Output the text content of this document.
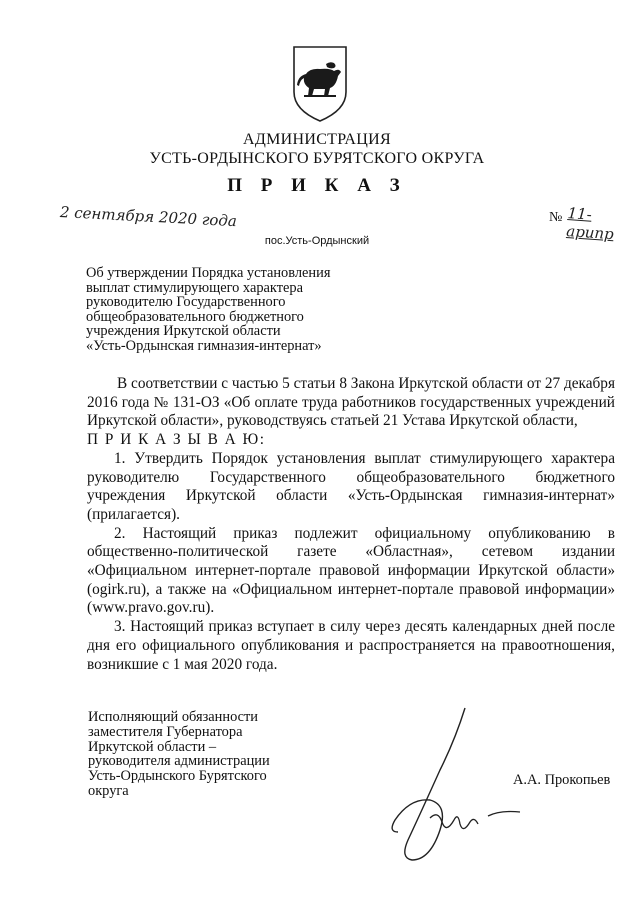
АДМИНИСТРАЦИЯ
УСТЬ-ОРДЫНСКОГО БУРЯТСКОГО ОКРУГА
П Р И К А З
2 сентября 2020 года	№ 11-арипр
пос.Усть-Ордынский
Об утверждении Порядка установления
выплат стимулирующего характера
руководителю Государственного
общеобразовательного бюджетного
учреждения Иркутской области
«Усть-Ордынская гимназия-интернат»

В соответствии с частью 5 статьи 8 Закона Иркутской области от 27 декабря 2016 года № 131-ОЗ «Об оплате труда работников государственных учреждений Иркутской области», руководствуясь статьей 21 Устава Иркутской области,

П Р И К А З Ы В А Ю:

1. Утвердить Порядок установления выплат стимулирующего характера руководителю Государственного общеобразовательного бюджетного учреждения Иркутской области «Усть-Ордынская гимназия-интернат» (прилагается).

2. Настоящий приказ подлежит официальному опубликованию в общественно-политической газете «Областная», сетевом издании «Официальном интернет-портале правовой информации Иркутской области» (ogirk.ru), а также на «Официальном интернет-портале правовой информации» (www.pravo.gov.ru).

3. Настоящий приказ вступает в силу через десять календарных дней после дня его официального опубликования и распространяется на правоотношения, возникшие с 1 мая 2020 года.

Исполняющий обязанности
заместителя Губернатора
Иркутской области –
руководителя администрации
Усть-Ордынского Бурятского
округа
А.А. Прокопьев
